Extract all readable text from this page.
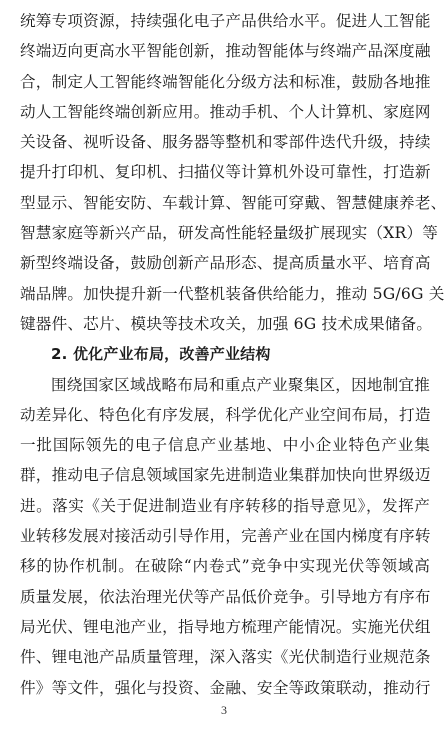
统筹专项资源，持续强化电子产品供给水平。促进人工智能
终端迈向更高水平智能创新，推动智能体与终端产品深度融
合，制定人工智能终端智能化分级方法和标准，鼓励各地推
动人工智能终端创新应用。推动手机、个人计算机、家庭网
关设备、视听设备、服务器等整机和零部件迭代升级，持续
提升打印机、复印机、扫描仪等计算机外设可靠性，打造新
型显示、智能安防、车载计算、智能可穿戴、智慧健康养老、
智慧家庭等新兴产品，研发高性能轻量级扩展现实（XR）等
新型终端设备，鼓励创新产品形态、提高质量水平、培育高
端品牌。加快提升新一代整机装备供给能力，推动 5G/6G 关
键器件、芯片、模块等技术攻关，加强 6G 技术成果储备。
2. 优化产业布局，改善产业结构
围绕国家区域战略布局和重点产业聚集区，因地制宜推
动差异化、特色化有序发展，科学优化产业空间布局，打造
一批国际领先的电子信息产业基地、中小企业特色产业集
群，推动电子信息领域国家先进制造业集群加快向世界级迈
进。落实《关于促进制造业有序转移的指导意见》，发挥产
业转移发展对接活动引导作用，完善产业在国内梯度有序转
移的协作机制。在破除“内卷式”竞争中实现光伏等领域高
质量发展，依法治理光伏等产品低价竞争。引导地方有序布
局光伏、锂电池产业，指导地方梳理产能情况。实施光伏组
件、锂电池产品质量管理，深入落实《光伏制造行业规范条
件》等文件，强化与投资、金融、安全等政策联动，推动行
3
